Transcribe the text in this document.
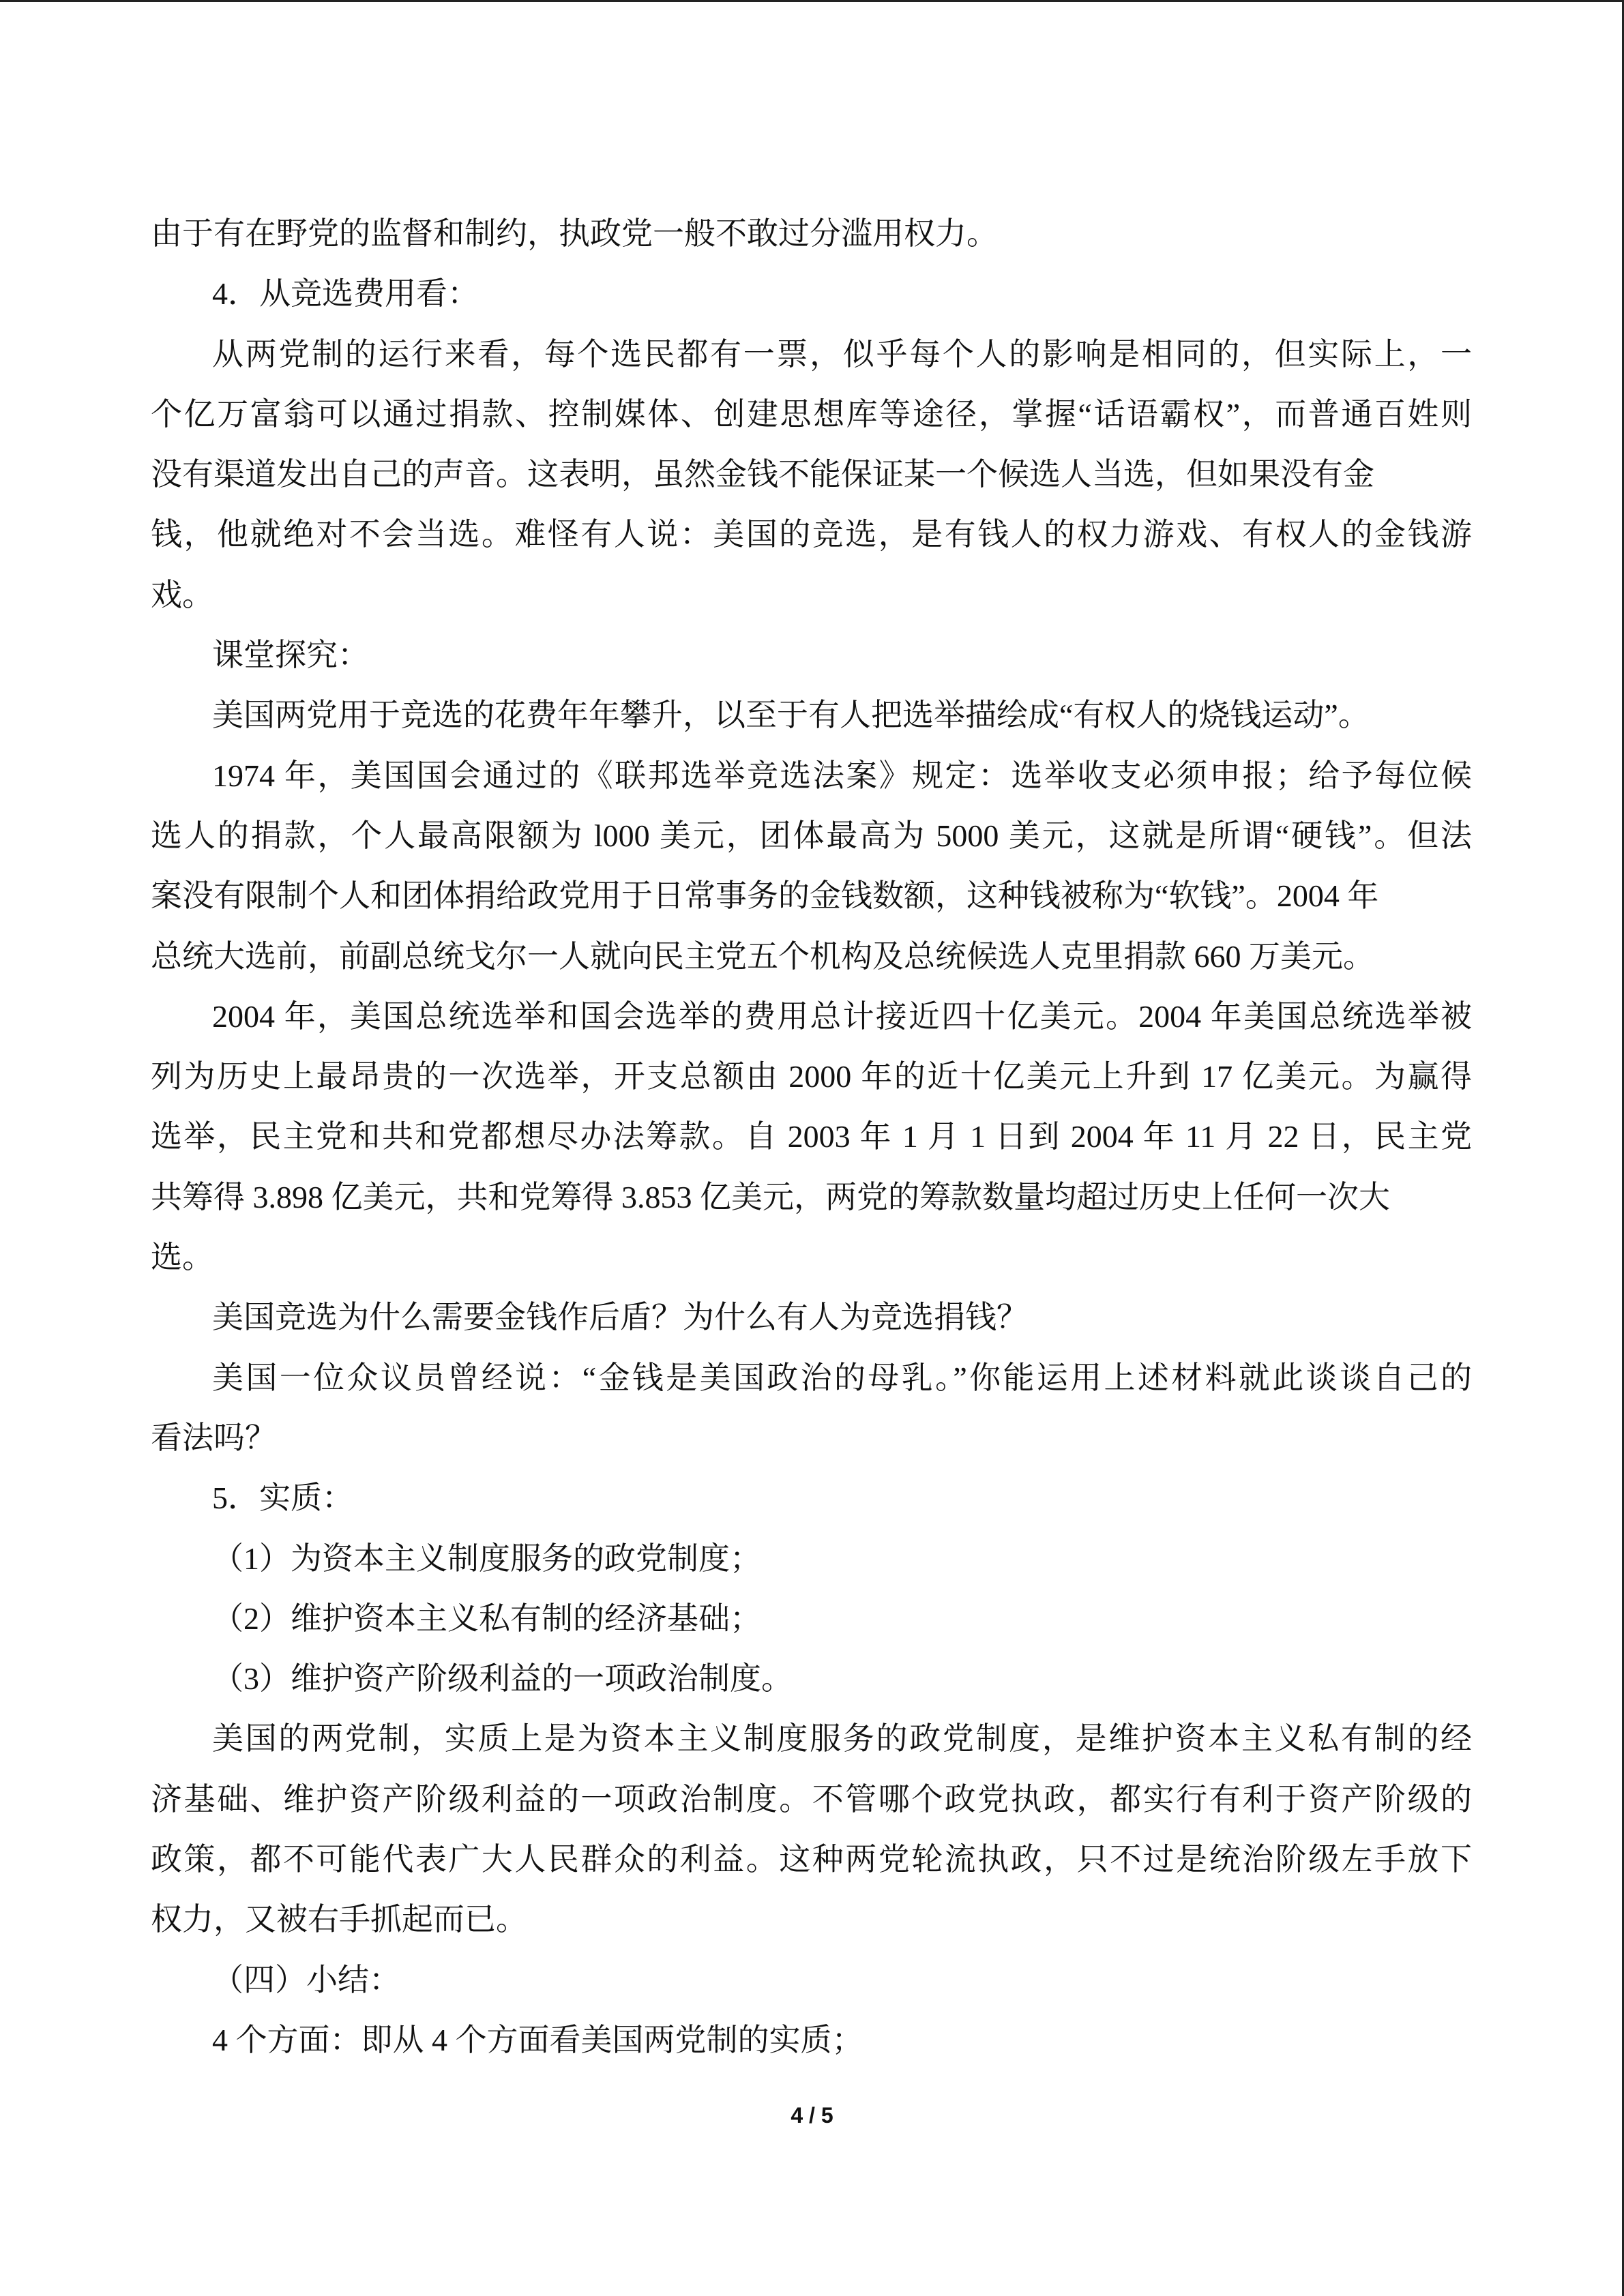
由于有在野党的监督和制约，执政党一般不敢过分滥用权力。
4．从竞选费用看：
从两党制的运行来看，每个选民都有一票，似乎每个人的影响是相同的，但实际上，一
个亿万富翁可以通过捐款、控制媒体、创建思想库等途径，掌握“话语霸权”，而普通百姓则
没有渠道发出自己的声音。这表明，虽然金钱不能保证某一个候选人当选，但如果没有金
钱，他就绝对不会当选。难怪有人说：美国的竞选，是有钱人的权力游戏、有权人的金钱游
戏。
课堂探究：
美国两党用于竞选的花费年年攀升，以至于有人把选举描绘成“有权人的烧钱运动”。
1974 年，美国国会通过的《联邦选举竞选法案》规定：选举收支必须申报；给予每位候
选人的捐款，个人最高限额为 l000 美元，团体最高为 5000 美元，这就是所谓“硬钱”。但法
案没有限制个人和团体捐给政党用于日常事务的金钱数额，这种钱被称为“软钱”。2004 年
总统大选前，前副总统戈尔一人就向民主党五个机构及总统候选人克里捐款 660 万美元。
2004 年，美国总统选举和国会选举的费用总计接近四十亿美元。2004 年美国总统选举被
列为历史上最昂贵的一次选举，开支总额由 2000 年的近十亿美元上升到 17 亿美元。为赢得
选举，民主党和共和党都想尽办法筹款。自 2003 年 1 月 1 日到 2004 年 11 月 22 日，民主党
共筹得 3.898 亿美元，共和党筹得 3.853 亿美元，两党的筹款数量均超过历史上任何一次大
选。
美国竞选为什么需要金钱作后盾？为什么有人为竞选捐钱？
美国一位众议员曾经说：“金钱是美国政治的母乳。”你能运用上述材料就此谈谈自己的
看法吗？
5．实质：
（1）为资本主义制度服务的政党制度；
（2）维护资本主义私有制的经济基础；
（3）维护资产阶级利益的一项政治制度。
美国的两党制，实质上是为资本主义制度服务的政党制度，是维护资本主义私有制的经
济基础、维护资产阶级利益的一项政治制度。不管哪个政党执政，都实行有利于资产阶级的
政策，都不可能代表广大人民群众的利益。这种两党轮流执政，只不过是统治阶级左手放下
权力，又被右手抓起而已。
（四）小结：
4 个方面：即从 4 个方面看美国两党制的实质；
4 / 5
